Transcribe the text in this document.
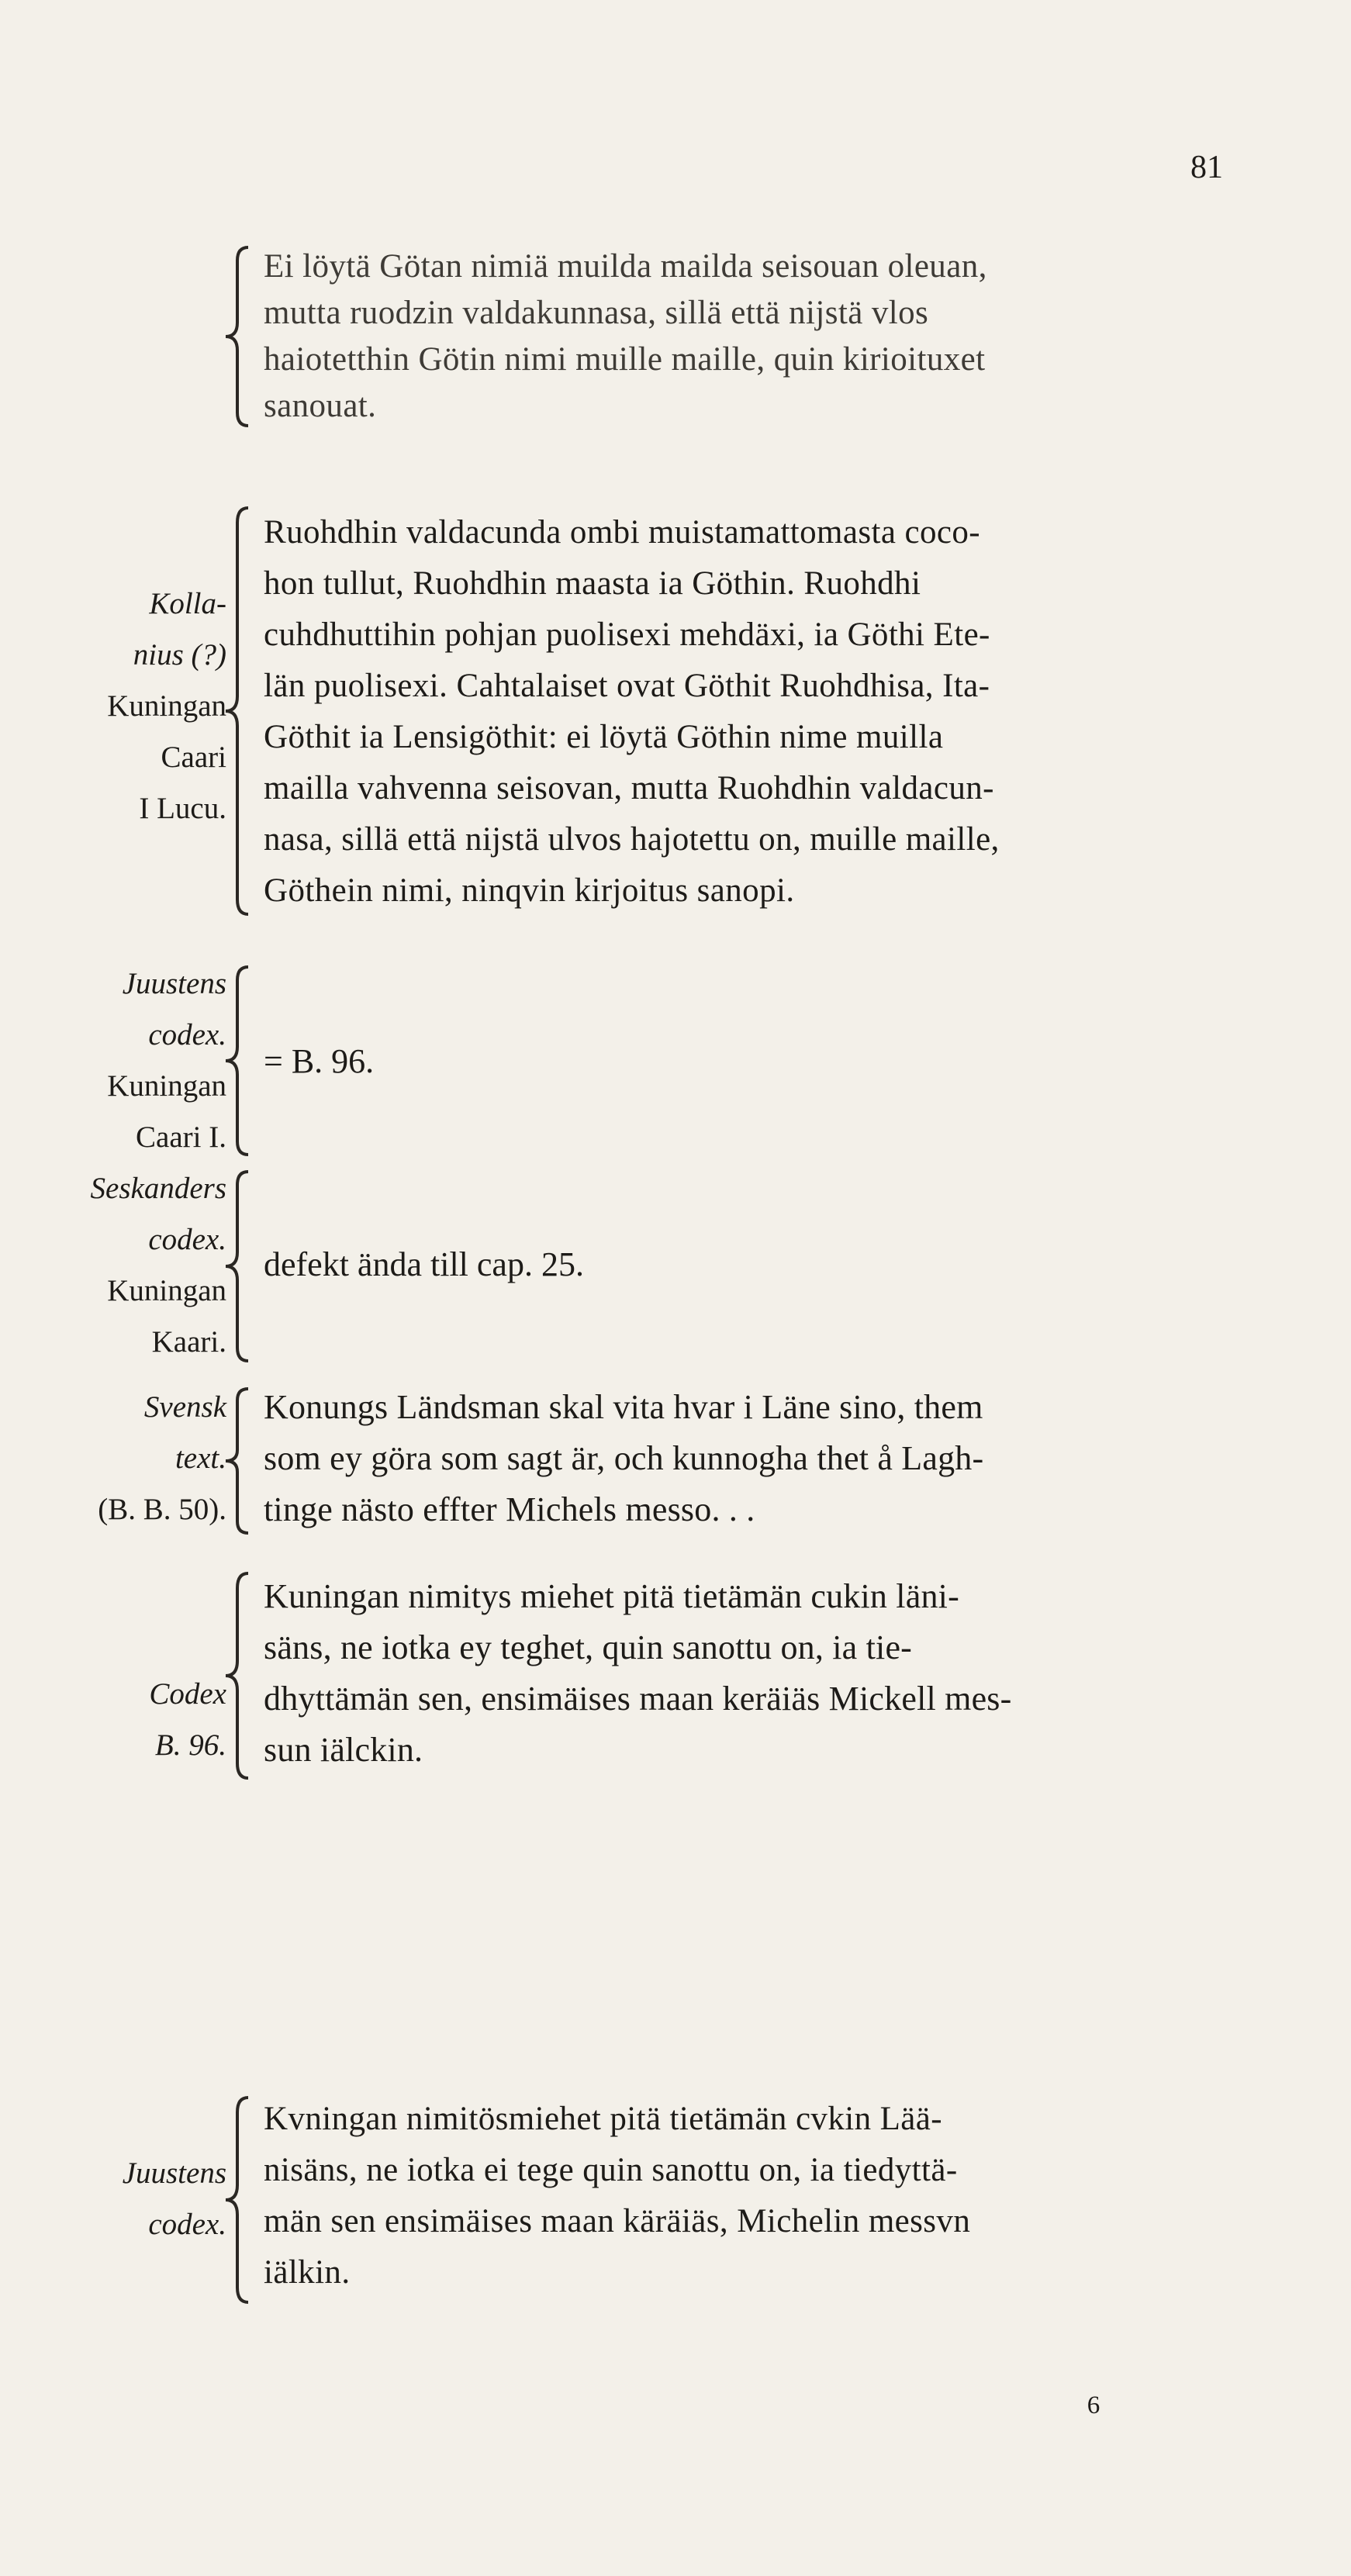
81
Ei löytä Götan nimiä muilda mailda seisouan oleuan,
mutta ruodzin valdakunnasa, sillä että nijstä vlos
haiotetthin Götin nimi muille maille, quin kirioituxet
sanouat.
Kolla-
nius (?)
Kuningan
Caari
I Lucu.
Ruohdhin valdacunda ombi muistamattomasta coco-
hon tullut, Ruohdhin maasta ia Göthin. Ruohdhi
cuhdhuttihin pohjan puolisexi mehdäxi, ia Göthi Ete-
län puolisexi. Cahtalaiset ovat Göthit Ruohdhisa, Ita-
Göthit ia Lensigöthit: ei löytä Göthin nime muilla
mailla vahvenna seisovan, mutta Ruohdhin valdacun-
nasa, sillä että nijstä ulvos hajotettu on, muille maille,
Göthein nimi, ninqvin kirjoitus sanopi.
Juustens
codex.
Kuningan
Caari I.
= B. 96.
Seskanders
codex.
Kuningan
Kaari.
defekt ända till cap. 25.
Svensk
text.
(B. B. 50).
Konungs Ländsman skal vita hvar i Läne sino, them
som ey göra som sagt är, och kunnogha thet å Lagh-
tinge nästo effter Michels messo. . .
Codex
B. 96.
Kuningan nimitys miehet pitä tietämän cukin läni-
säns, ne iotka ey teghet, quin sanottu on, ia tie-
dhyttämän sen, ensimäises maan keräiäs Mickell mes-
sun iälckin.
Juustens
codex.
Kvningan nimitösmiehet pitä tietämän cvkin Lää-
nisäns, ne iotka ei tege quin sanottu on, ia tiedyttä-
män sen ensimäises maan käräiäs, Michelin messvn
iälkin.
6
